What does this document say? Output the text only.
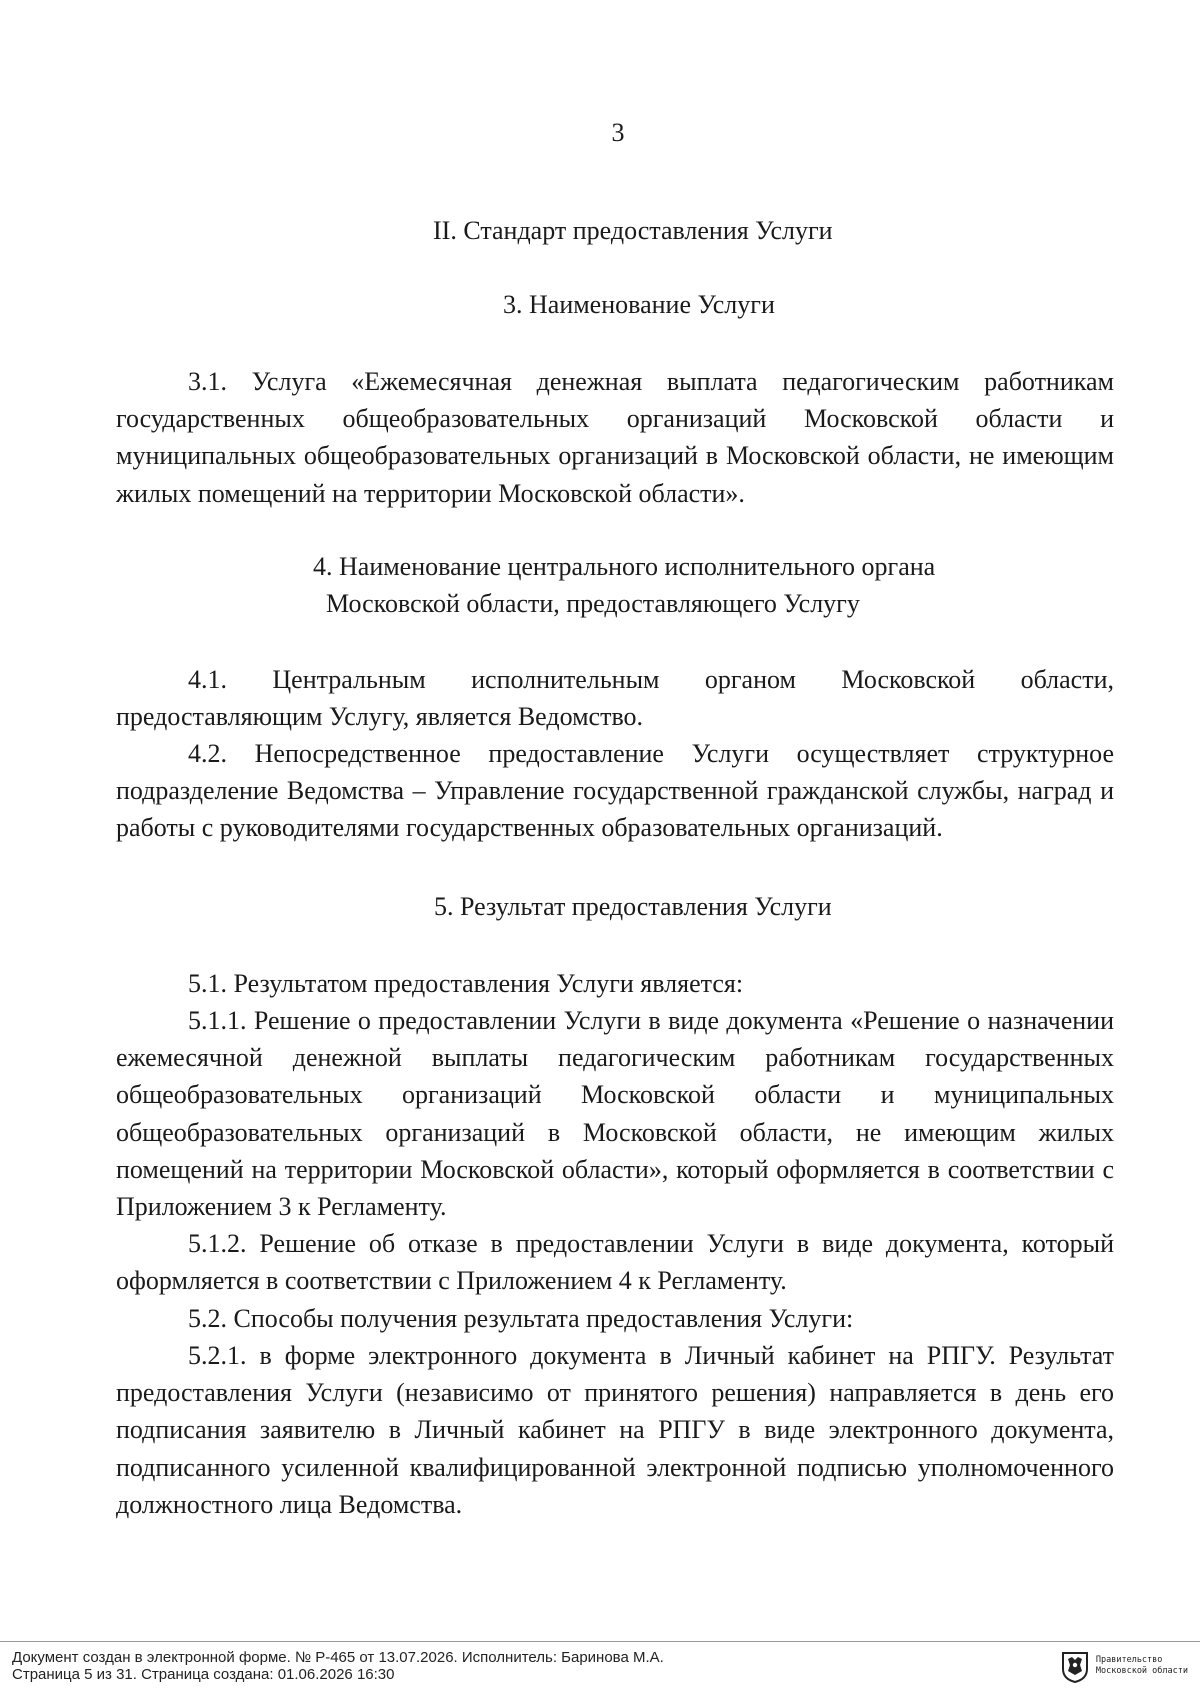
3
II. Стандарт предоставления Услуги
3. Наименование Услуги

3.1. Услуга «Ежемесячная денежная выплата педагогическим работникам государственных общеобразовательных организаций Московской области и муниципальных общеобразовательных организаций в Московской области, не имеющим жилых помещений на территории Московской области».

4. Наименование центрального исполнительного органа
Московской области, предоставляющего Услугу

4.1. Центральным исполнительным органом Московской области, предоставляющим Услугу, является Ведомство.

4.2. Непосредственное предоставление Услуги осуществляет структурное подразделение Ведомства – Управление государственной гражданской службы, наград и работы с руководителями государственных образовательных организаций.

5. Результат предоставления Услуги

5.1. Результатом предоставления Услуги является:

5.1.1. Решение о предоставлении Услуги в виде документа «Решение о назначении ежемесячной денежной выплаты педагогическим работникам государственных общеобразовательных организаций Московской области и муниципальных общеобразовательных организаций в Московской области, не имеющим жилых помещений на территории Московской области», который оформляется в соответствии с Приложением 3 к Регламенту.

5.1.2. Решение об отказе в предоставлении Услуги в виде документа, который оформляется в соответствии с Приложением 4 к Регламенту.

5.2. Способы получения результата предоставления Услуги:

5.2.1. в форме электронного документа в Личный кабинет на РПГУ. Результат предоставления Услуги (независимо от принятого решения) направляется в день его подписания заявителю в Личный кабинет на РПГУ в виде электронного документа, подписанного усиленной квалифицированной электронной подписью уполномоченного должностного лица Ведомства.

Документ создан в электронной форме. № Р-465 от 13.07.2026. Исполнитель: Баринова М.А.
Страница 5 из 31. Страница создана: 01.06.2026 16:30
Правительство
Московской области
